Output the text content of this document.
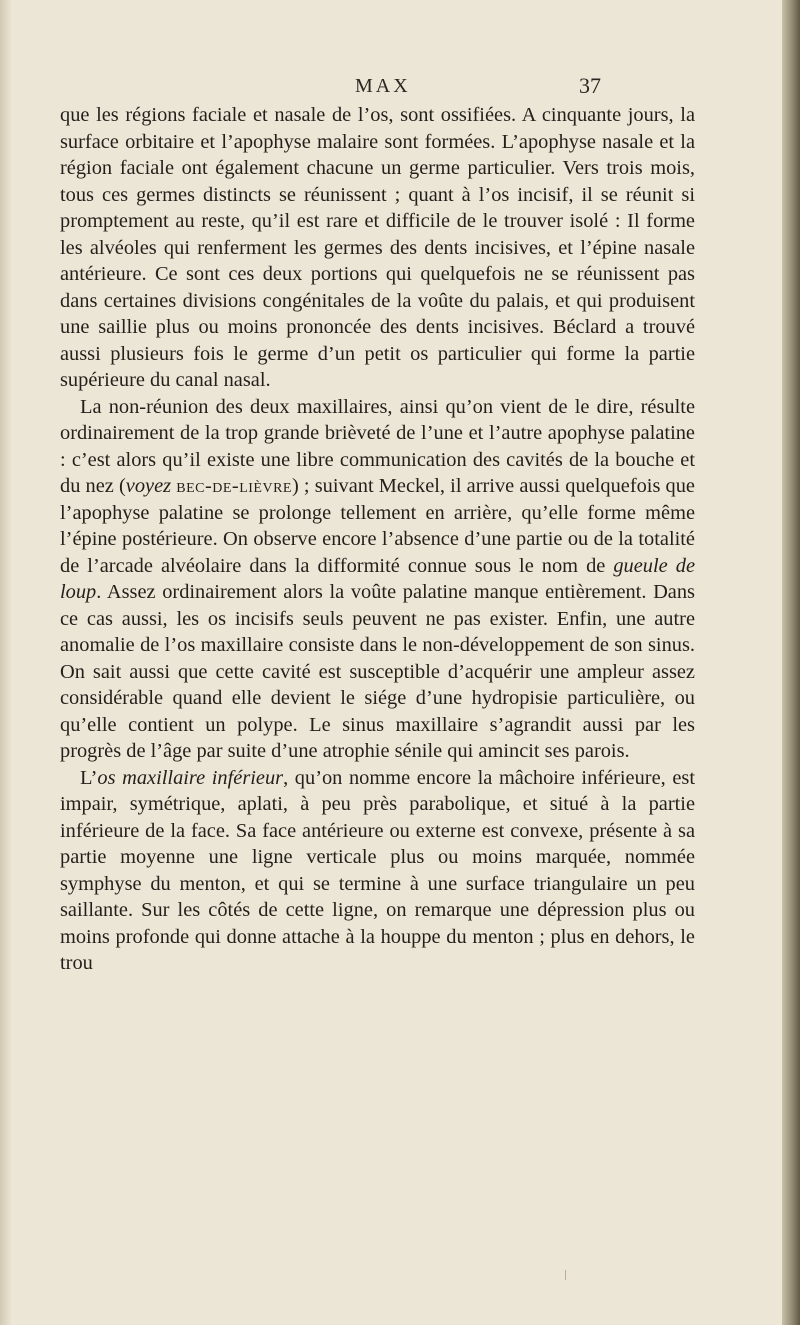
MAX	37

que les régions faciale et nasale de l’os, sont ossifiées. A cinquante jours, la surface orbitaire et l’apophyse malaire sont formées. L’apophyse nasale et la région faciale ont également chacune un germe particulier. Vers trois mois, tous ces germes distincts se réunissent ; quant à l’os incisif, il se réunit si promptement au reste, qu’il est rare et difficile de le trouver isolé : Il forme les alvéoles qui renferment les germes des dents incisives, et l’épine nasale antérieure. Ce sont ces deux portions qui quelquefois ne se réunissent pas dans certaines divisions congénitales de la voûte du palais, et qui produisent une saillie plus ou moins prononcée des dents incisives. Béclard a trouvé aussi plusieurs fois le germe d’un petit os particulier qui forme la partie supérieure du canal nasal.

La non-réunion des deux maxillaires, ainsi qu’on vient de le dire, résulte ordinairement de la trop grande brièveté de l’une et l’autre apophyse palatine : c’est alors qu’il existe une libre communication des cavités de la bouche et du nez (voyez bec-de-lièvre) ; suivant Meckel, il arrive aussi quelquefois que l’apophyse palatine se prolonge tellement en arrière, qu’elle forme même l’épine postérieure. On observe encore l’absence d’une partie ou de la totalité de l’arcade alvéolaire dans la difformité connue sous le nom de gueule de loup. Assez ordinairement alors la voûte palatine manque entièrement. Dans ce cas aussi, les os incisifs seuls peuvent ne pas exister. Enfin, une autre anomalie de l’os maxillaire consiste dans le non-développement de son sinus. On sait aussi que cette cavité est susceptible d’acquérir une ampleur assez considérable quand elle devient le siége d’une hydropisie particulière, ou qu’elle contient un polype. Le sinus maxillaire s’agrandit aussi par les progrès de l’âge par suite d’une atrophie sénile qui amincit ses parois.

L’os maxillaire inférieur, qu’on nomme encore la mâchoire inférieure, est impair, symétrique, aplati, à peu près parabolique, et situé à la partie inférieure de la face. Sa face antérieure ou externe est convexe, présente à sa partie moyenne une ligne verticale plus ou moins marquée, nommée symphyse du menton, et qui se termine à une surface triangulaire un peu saillante. Sur les côtés de cette ligne, on remarque une dépression plus ou moins profonde qui donne attache à la houppe du menton ; plus en dehors, le trou
